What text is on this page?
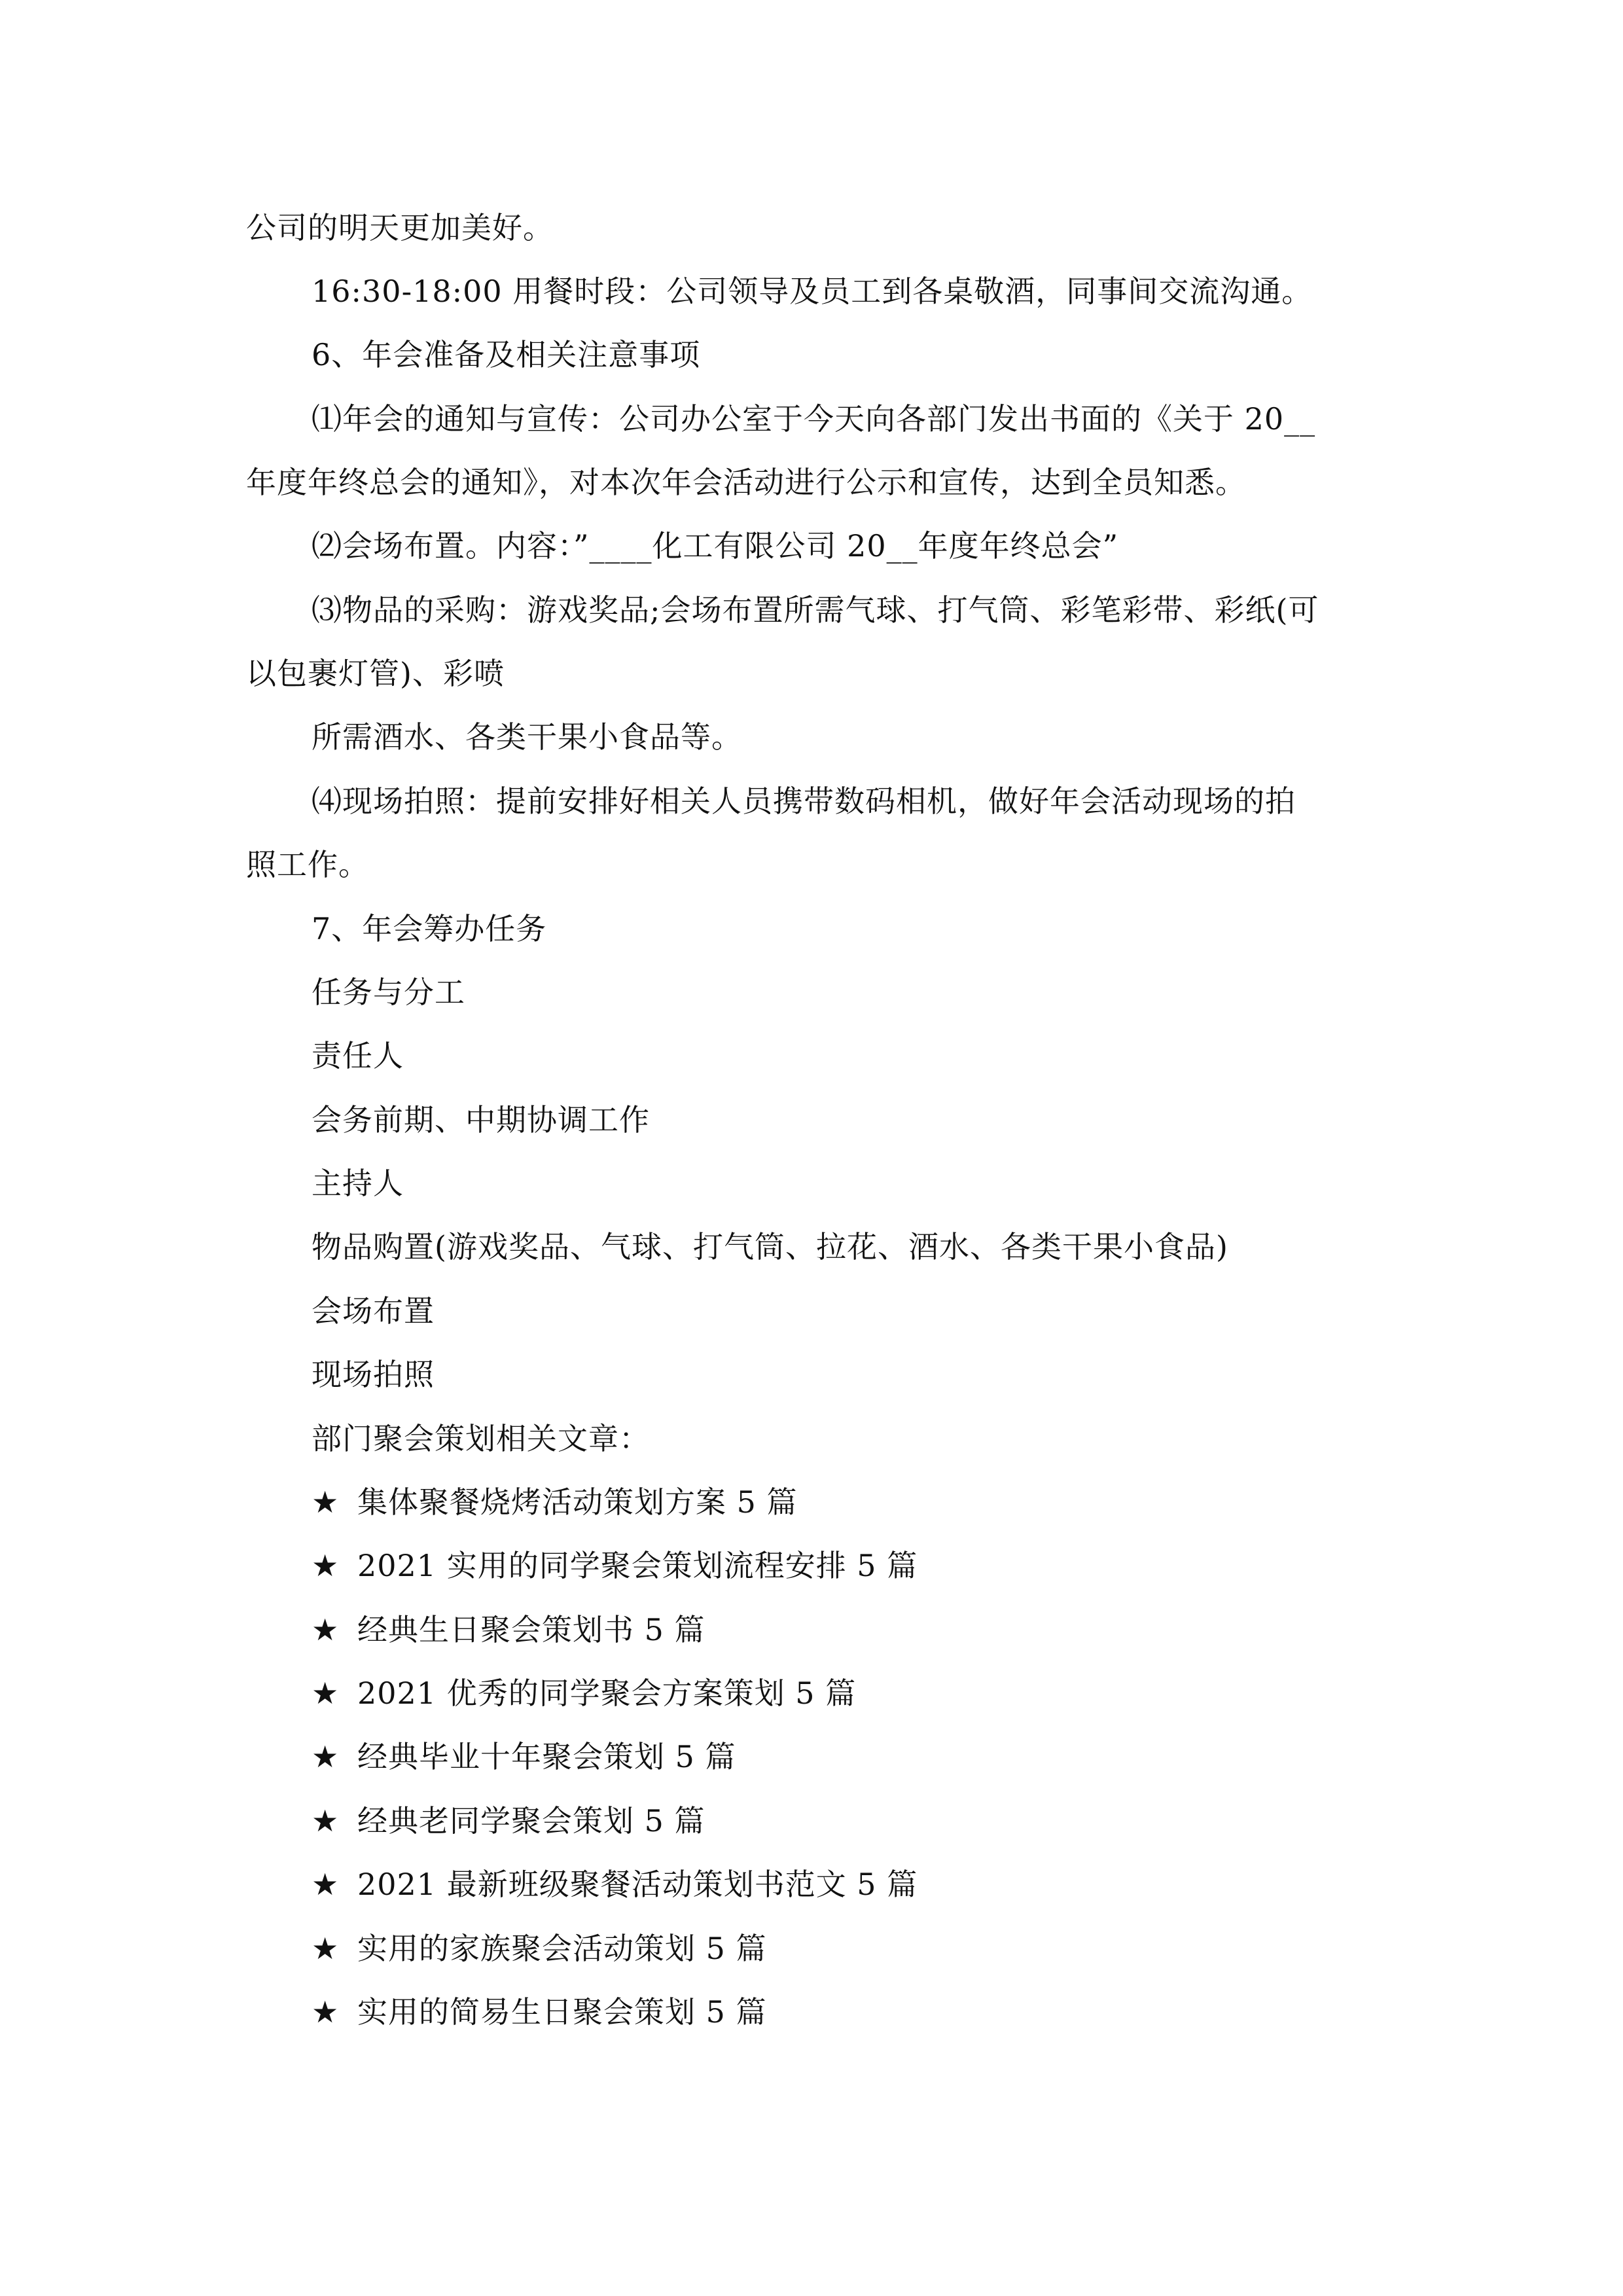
公司的明天更加美好。
16:30-18:00 用餐时段：公司领导及员工到各桌敬酒，同事间交流沟通。
6、年会准备及相关注意事项
⑴年会的通知与宣传：公司办公室于今天向各部门发出书面的《关于 20__
年度年终总会的通知》，对本次年会活动进行公示和宣传，达到全员知悉。
⑵会场布置。内容：”____化工有限公司 20__年度年终总会”
⑶物品的采购：游戏奖品;会场布置所需气球、打气筒、彩笔彩带、彩纸(可
以包裹灯管)、彩喷
所需酒水、各类干果小食品等。
⑷现场拍照：提前安排好相关人员携带数码相机，做好年会活动现场的拍
照工作。
7、年会筹办任务
任务与分工
责任人
会务前期、中期协调工作
主持人
物品购置(游戏奖品、气球、打气筒、拉花、酒水、各类干果小食品)
会场布置
现场拍照
部门聚会策划相关文章：
★ 集体聚餐烧烤活动策划方案 5 篇
★ 2021 实用的同学聚会策划流程安排 5 篇
★ 经典生日聚会策划书 5 篇
★ 2021 优秀的同学聚会方案策划 5 篇
★ 经典毕业十年聚会策划 5 篇
★ 经典老同学聚会策划 5 篇
★ 2021 最新班级聚餐活动策划书范文 5 篇
★ 实用的家族聚会活动策划 5 篇
★ 实用的简易生日聚会策划 5 篇
